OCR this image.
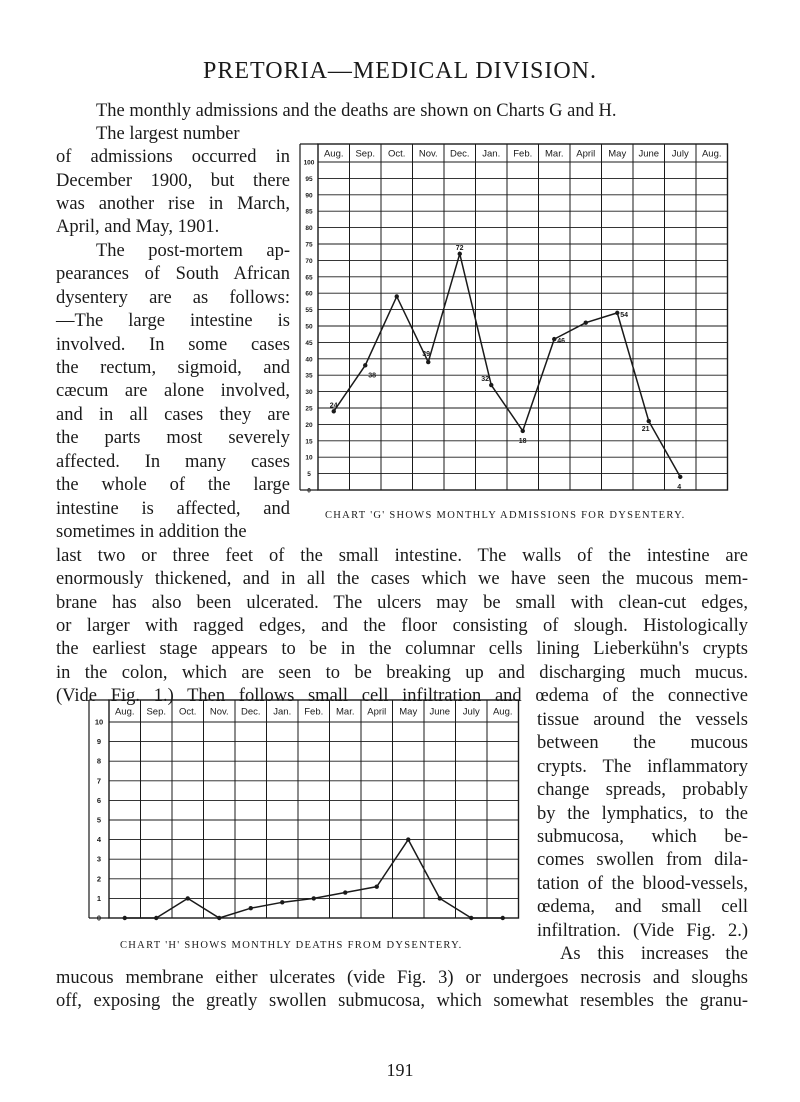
PRETORIA—MEDICAL DIVISION.
The monthly admissions and the deaths are shown on Charts G and H.
The largest number
of admissions occurred in
December 1900, but there
was another rise in March,
April, and May, 1901.
The post-mortem ap-
pearances of South African
dysentery are as follows:
—The large intestine is
involved. In some cases
the rectum, sigmoid, and
cæcum are alone involved,
and in all cases they are
the parts most severely
affected. In many cases
the whole of the large
intestine is affected, and
sometimes in addition the
last two or three feet of the small intestine. The walls of the intestine are
enormously thickened, and in all the cases which we have seen the mucous mem-
brane has also been ulcerated. The ulcers may be small with clean-cut edges,
or larger with ragged edges, and the floor consisting of slough. Histologically
the earliest stage appears to be in the columnar cells lining Lieberkühn's crypts
in the colon, which are seen to be breaking up and discharging much mucus.
(Vide Fig. 1.) Then follows small cell infiltration and œdema of the connective
tissue around the vessels
between the mucous
crypts. The inflammatory
change spreads, probably
by the lymphatics, to the
submucosa, which be-
comes swollen from dila-
tation of the blood-vessels,
œdema, and small cell
infiltration. (Vide Fig. 2.)
As this increases the
mucous membrane either ulcerates (vide Fig. 3) or undergoes necrosis and sloughs
off, exposing the greatly swollen submucosa, which somewhat resembles the granu-
191
Aug. Sep. Oct. Nov. Dec. Jan. Feb. Mar. April May June July Aug.
100
95
90
85
80
75
70
65
60
55
50
45
40
35
30
25
20
15
10
5
0
24
38
39
72
32
18
46
54
21
4
CHART 'G' SHOWS MONTHLY ADMISSIONS FOR DYSENTERY.
Aug. Sep. Oct. Nov. Dec. Jan. Feb. Mar. April May June July Aug.
10
9
8
7
6
5
4
3
2
1
0
CHART 'H' SHOWS MONTHLY DEATHS FROM DYSENTERY.
